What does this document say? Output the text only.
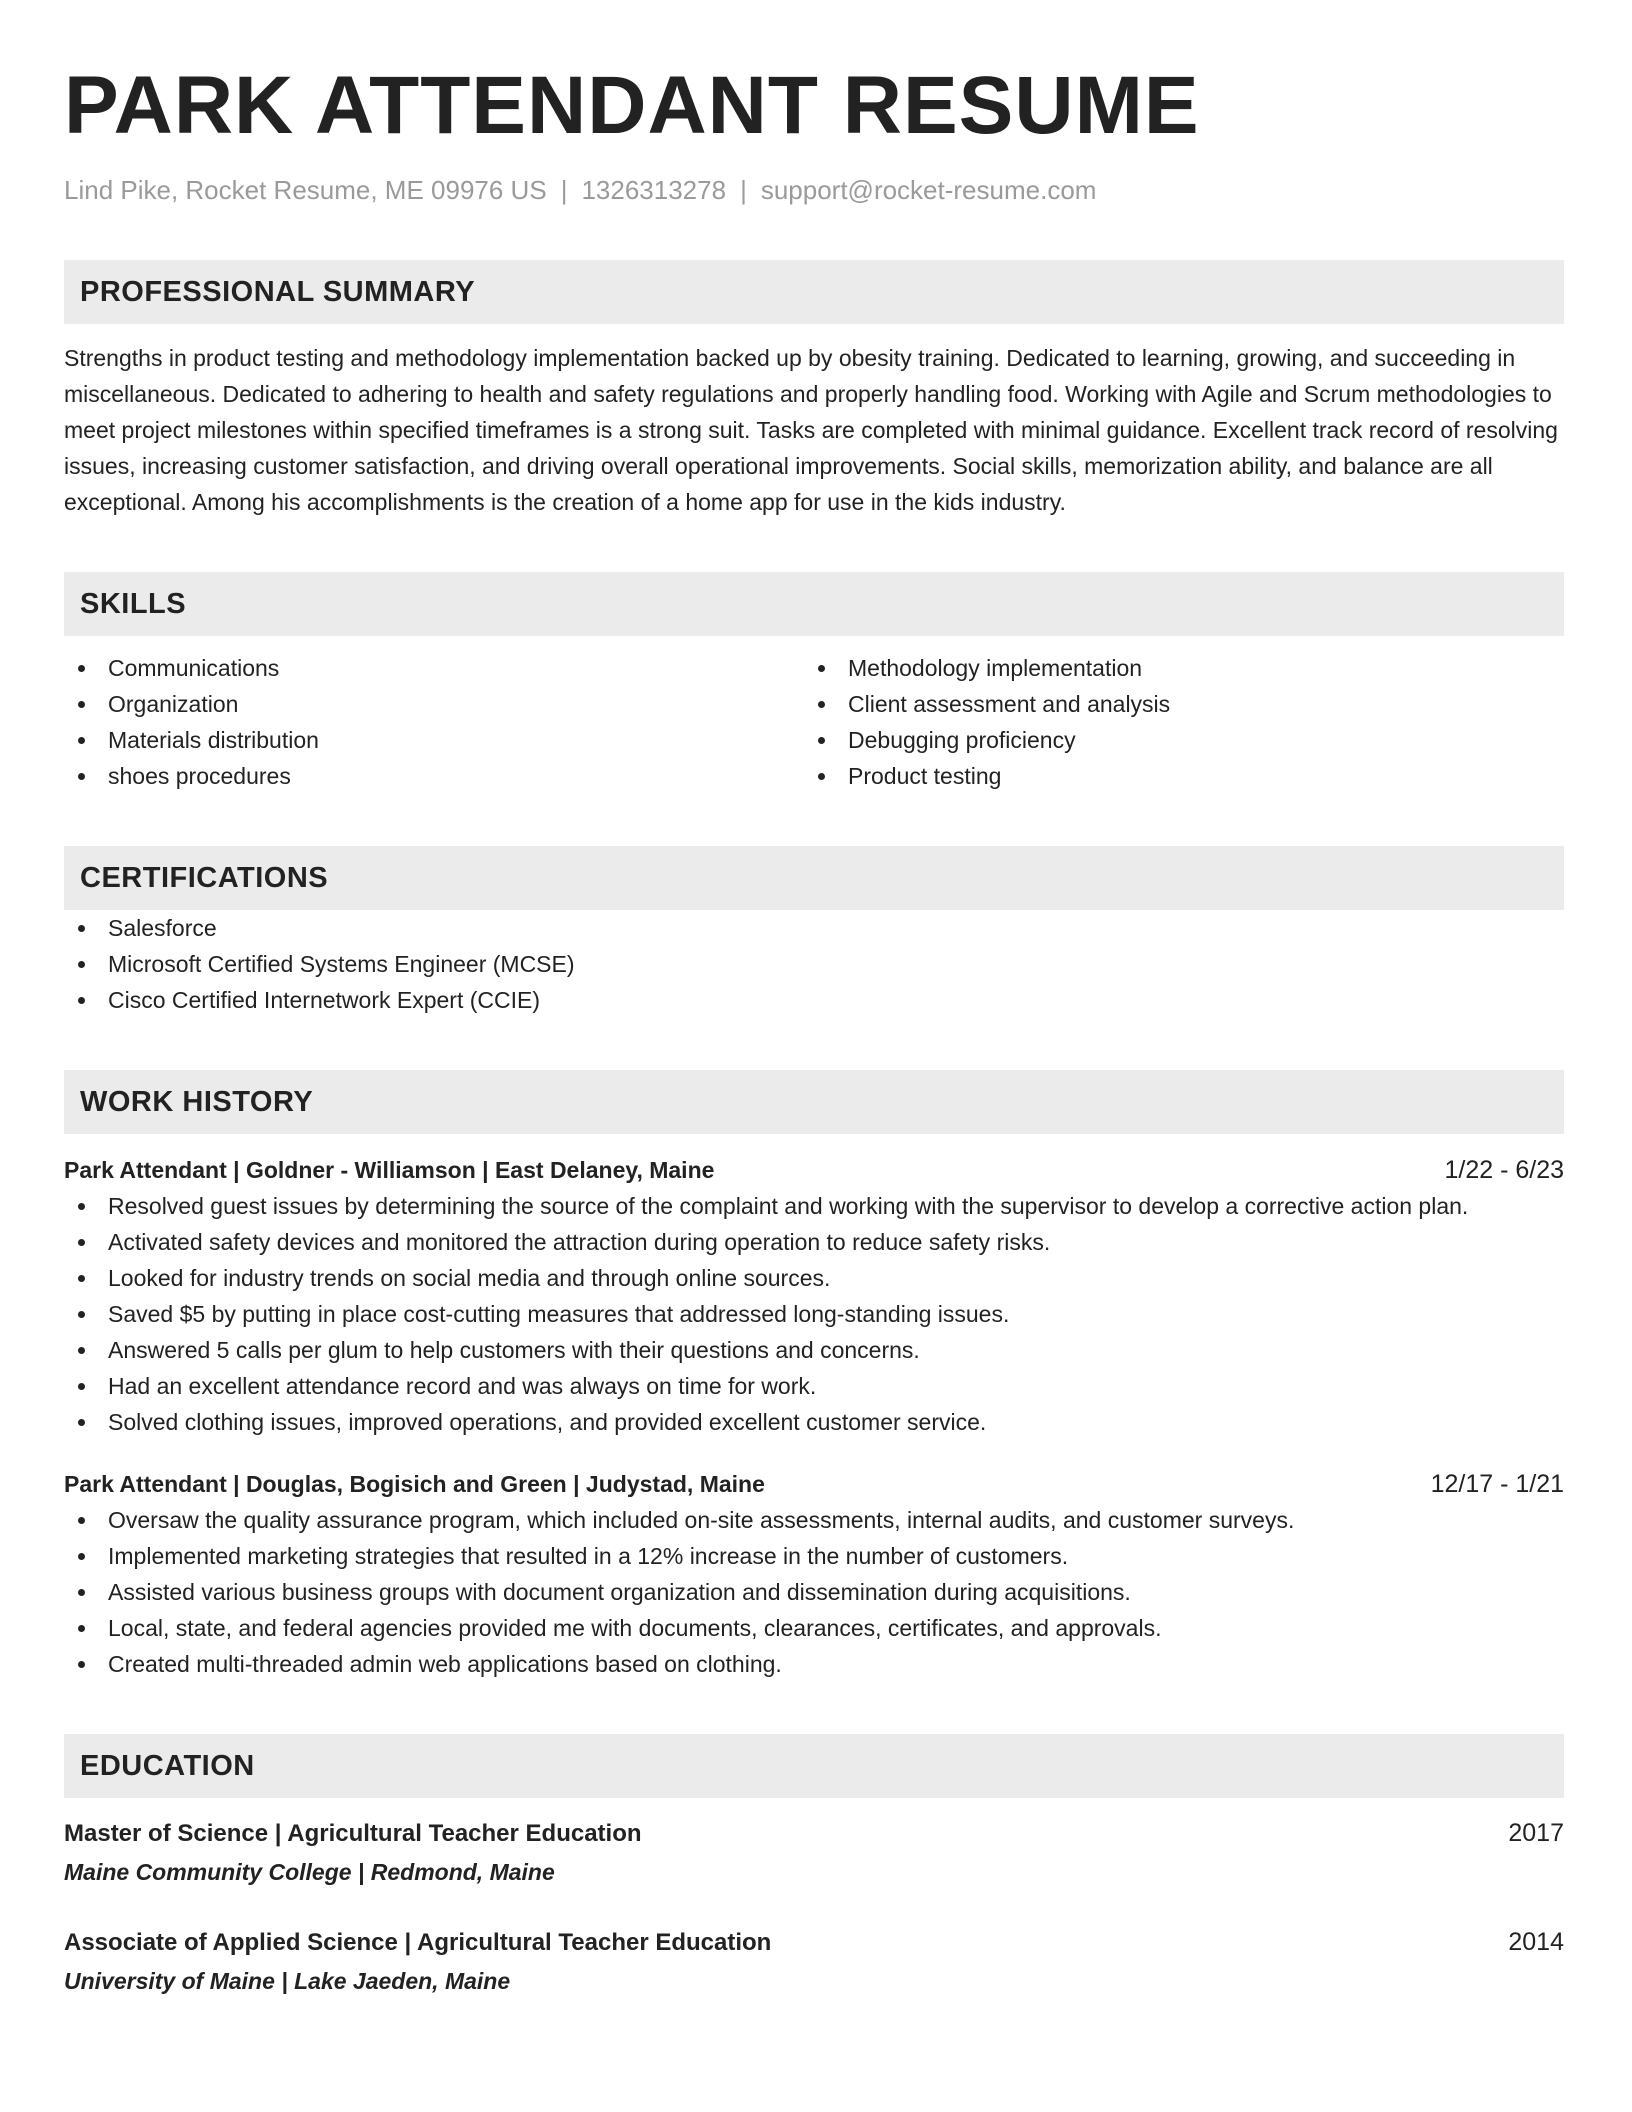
PARK ATTENDANT RESUME
Lind Pike, Rocket Resume, ME 09976 US | 1326313278 | support@rocket-resume.com
PROFESSIONAL SUMMARY

Strengths in product testing and methodology implementation backed up by obesity training. Dedicated to learning, growing, and succeeding in miscellaneous. Dedicated to adhering to health and safety regulations and properly handling food. Working with Agile and Scrum methodologies to meet project milestones within specified timeframes is a strong suit. Tasks are completed with minimal guidance. Excellent track record of resolving issues, increasing customer satisfaction, and driving overall operational improvements. Social skills, memorization ability, and balance are all exceptional. Among his accomplishments is the creation of a home app for use in the kids industry.

SKILLS
Communications
Organization
Materials distribution
shoes procedures
Methodology implementation
Client assessment and analysis
Debugging proficiency
Product testing
CERTIFICATIONS
Salesforce
Microsoft Certified Systems Engineer (MCSE)
Cisco Certified Internetwork Expert (CCIE)
WORK HISTORY
Park Attendant | Goldner - Williamson | East Delaney, Maine	1/22 - 6/23
Resolved guest issues by determining the source of the complaint and working with the supervisor to develop a corrective action plan.
Activated safety devices and monitored the attraction during operation to reduce safety risks.
Looked for industry trends on social media and through online sources.
Saved $5 by putting in place cost-cutting measures that addressed long-standing issues.
Answered 5 calls per glum to help customers with their questions and concerns.
Had an excellent attendance record and was always on time for work.
Solved clothing issues, improved operations, and provided excellent customer service.
Park Attendant | Douglas, Bogisich and Green | Judystad, Maine	12/17 - 1/21
Oversaw the quality assurance program, which included on-site assessments, internal audits, and customer surveys.
Implemented marketing strategies that resulted in a 12% increase in the number of customers.
Assisted various business groups with document organization and dissemination during acquisitions.
Local, state, and federal agencies provided me with documents, clearances, certificates, and approvals.
Created multi-threaded admin web applications based on clothing.
EDUCATION
Master of Science | Agricultural Teacher Education	2017
Maine Community College | Redmond, Maine
Associate of Applied Science | Agricultural Teacher Education	2014
University of Maine | Lake Jaeden, Maine
